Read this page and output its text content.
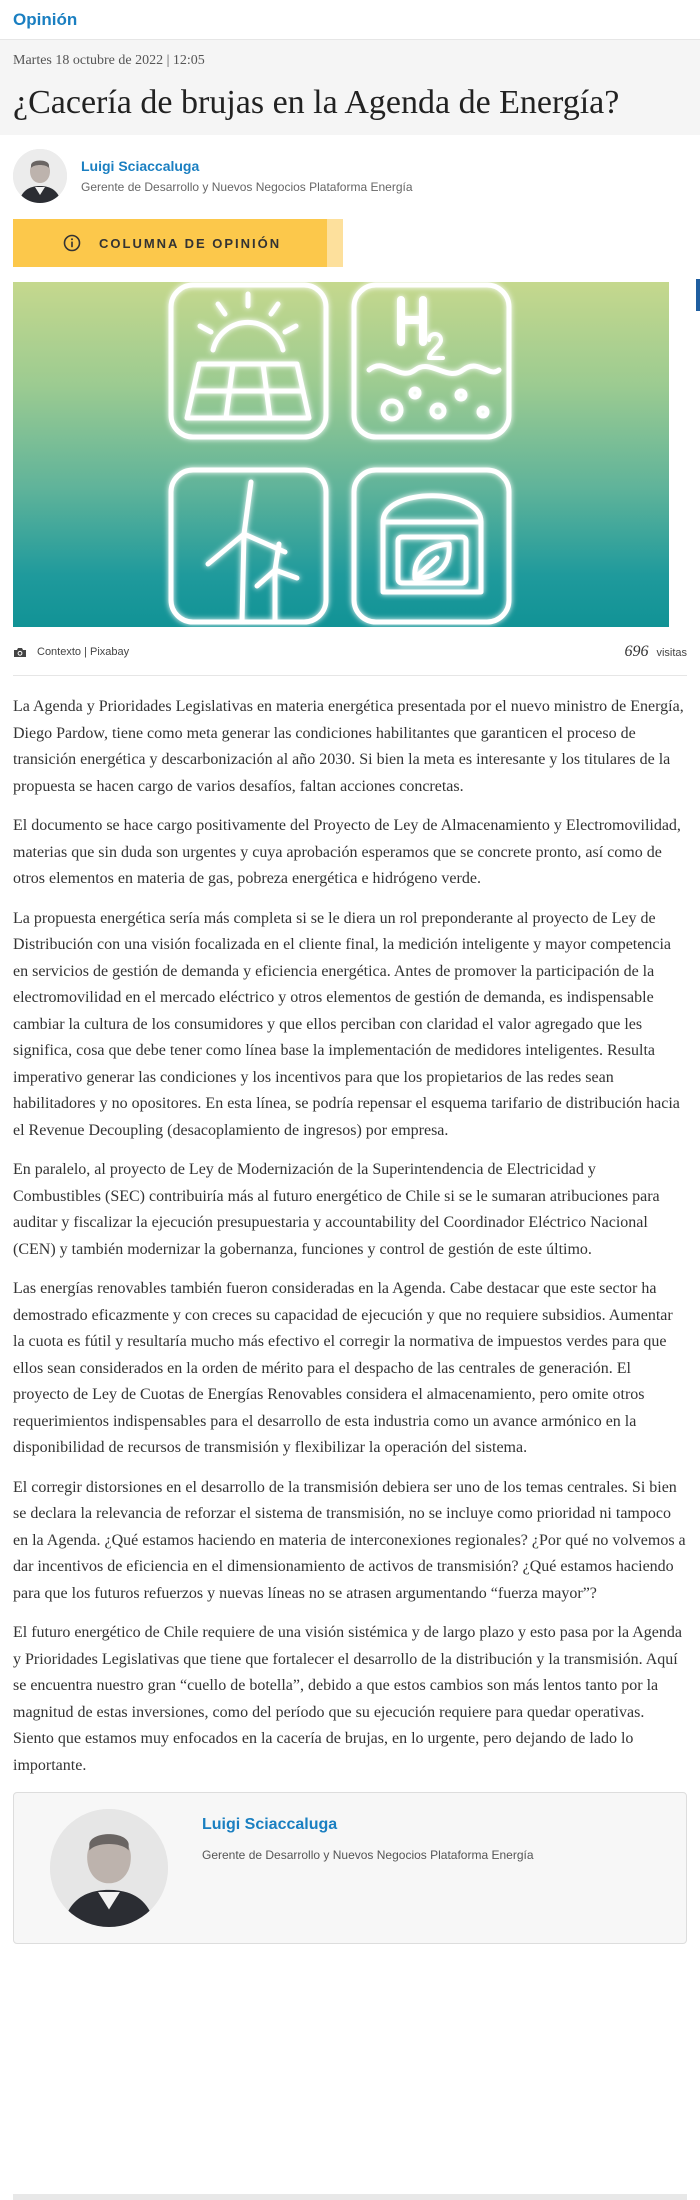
Opinión
Martes 18 octubre de 2022 | 12:05
¿Cacería de brujas en la Agenda de Energía?
Luigi Sciaccaluga
Gerente de Desarrollo y Nuevos Negocios Plataforma Energía
COLUMNA DE OPINIÓN
Contexto | Pixabay	696 visitas

La Agenda y Prioridades Legislativas en materia energética presentada por el nuevo ministro de Energía, Diego Pardow, tiene como meta generar las condiciones habilitantes que garanticen el proceso de transición energética y descarbonización al año 2030. Si bien la meta es interesante y los titulares de la propuesta se hacen cargo de varios desafíos, faltan acciones concretas.

El documento se hace cargo positivamente del Proyecto de Ley de Almacenamiento y Electromovilidad, materias que sin duda son urgentes y cuya aprobación esperamos que se concrete pronto, así como de otros elementos en materia de gas, pobreza energética e hidrógeno verde.

La propuesta energética sería más completa si se le diera un rol preponderante al proyecto de Ley de Distribución con una visión focalizada en el cliente final, la medición inteligente y mayor competencia en servicios de gestión de demanda y eficiencia energética. Antes de promover la participación de la electromovilidad en el mercado eléctrico y otros elementos de gestión de demanda, es indispensable cambiar la cultura de los consumidores y que ellos perciban con claridad el valor agregado que les significa, cosa que debe tener como línea base la implementación de medidores inteligentes. Resulta imperativo generar las condiciones y los incentivos para que los propietarios de las redes sean habilitadores y no opositores. En esta línea, se podría repensar el esquema tarifario de distribución hacia el Revenue Decoupling (desacoplamiento de ingresos) por empresa.

En paralelo, al proyecto de Ley de Modernización de la Superintendencia de Electricidad y Combustibles (SEC) contribuiría más al futuro energético de Chile si se le sumaran atribuciones para auditar y fiscalizar la ejecución presupuestaria y accountability del Coordinador Eléctrico Nacional (CEN) y también modernizar la gobernanza, funciones y control de gestión de este último.

Las energías renovables también fueron consideradas en la Agenda. Cabe destacar que este sector ha demostrado eficazmente y con creces su capacidad de ejecución y que no requiere subsidios. Aumentar la cuota es fútil y resultaría mucho más efectivo el corregir la normativa de impuestos verdes para que ellos sean considerados en la orden de mérito para el despacho de las centrales de generación. El proyecto de Ley de Cuotas de Energías Renovables considera el almacenamiento, pero omite otros requerimientos indispensables para el desarrollo de esta industria como un avance armónico en la disponibilidad de recursos de transmisión y flexibilizar la operación del sistema.

El corregir distorsiones en el desarrollo de la transmisión debiera ser uno de los temas centrales. Si bien se declara la relevancia de reforzar el sistema de transmisión, no se incluye como prioridad ni tampoco en la Agenda. ¿Qué estamos haciendo en materia de interconexiones regionales? ¿Por qué no volvemos a dar incentivos de eficiencia en el dimensionamiento de activos de transmisión? ¿Qué estamos haciendo para que los futuros refuerzos y nuevas líneas no se atrasen argumentando “fuerza mayor”?

El futuro energético de Chile requiere de una visión sistémica y de largo plazo y esto pasa por la Agenda y Prioridades Legislativas que tiene que fortalecer el desarrollo de la distribución y la transmisión. Aquí se encuentra nuestro gran “cuello de botella”, debido a que estos cambios son más lentos tanto por la magnitud de estas inversiones, como del período que su ejecución requiere para quedar operativas. Siento que estamos muy enfocados en la cacería de brujas, en lo urgente, pero dejando de lado lo importante.

Luigi Sciaccaluga
Gerente de Desarrollo y Nuevos Negocios Plataforma Energía
